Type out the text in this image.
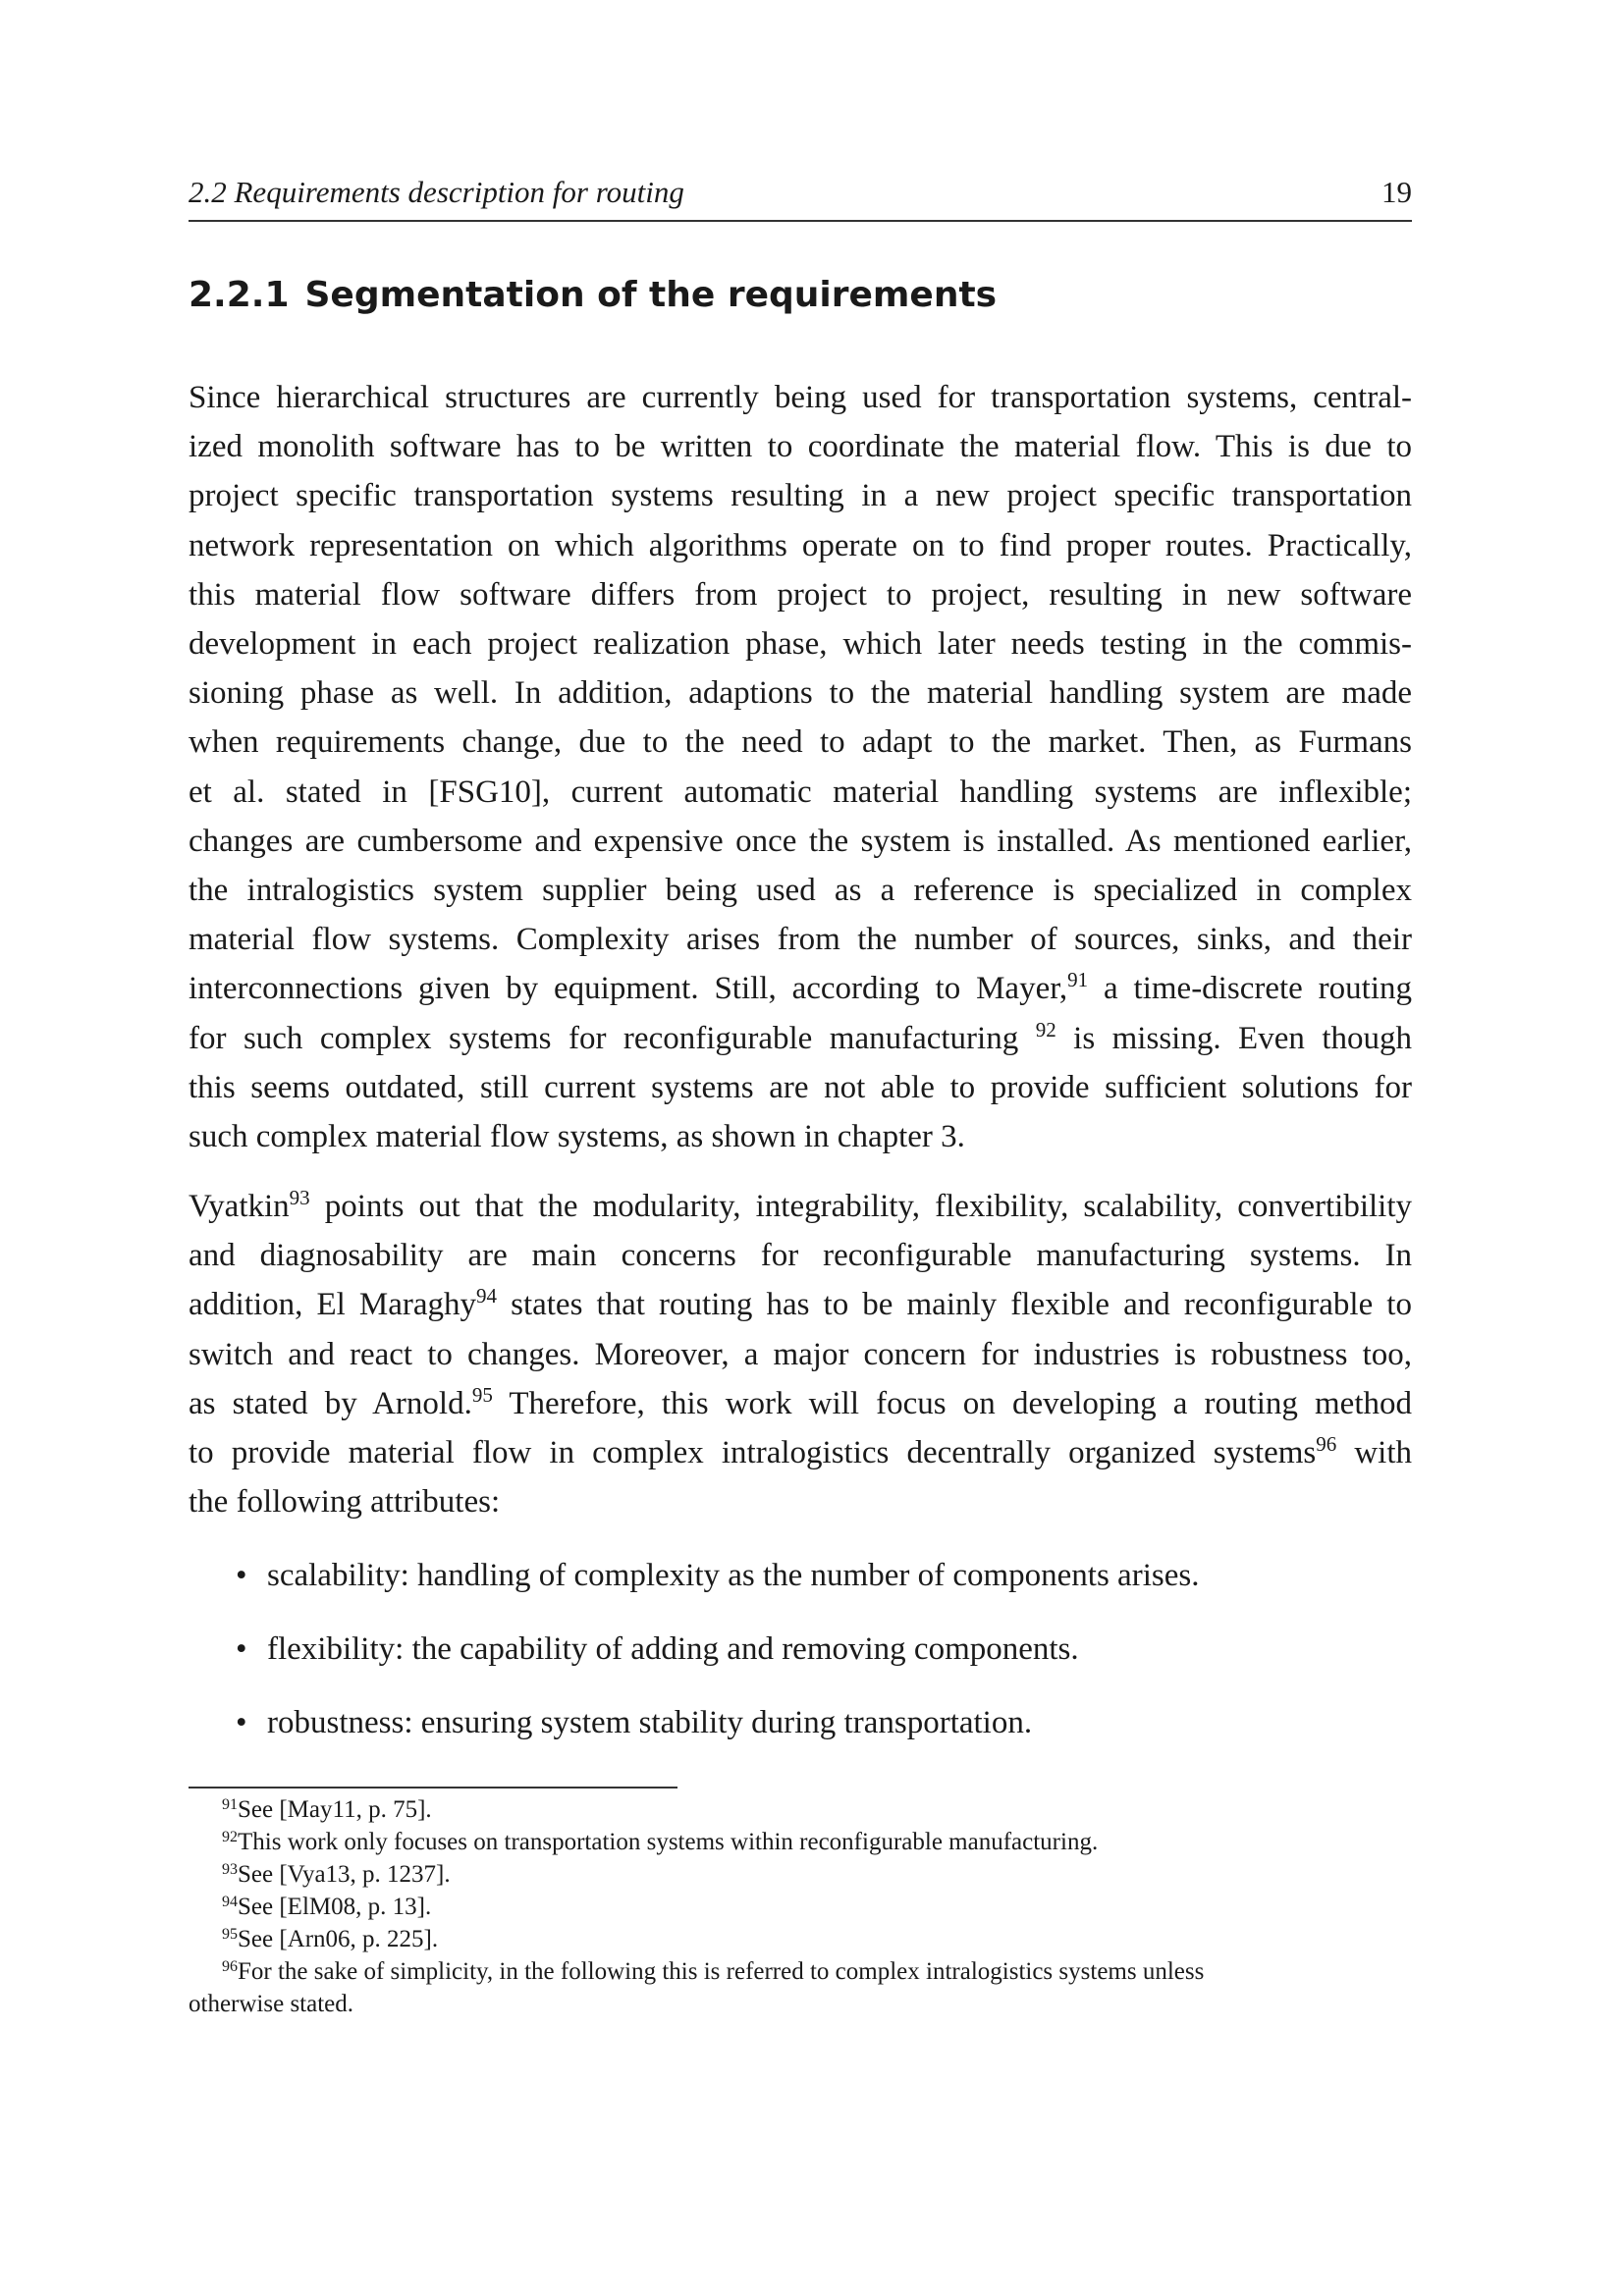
2.2 Requirements description for routing	19
2.2.1 Segmentation of the requirements
Since hierarchical structures are currently being used for transportation systems, central-
ized monolith software has to be written to coordinate the material flow. This is due to
project specific transportation systems resulting in a new project specific transportation
network representation on which algorithms operate on to find proper routes. Practically,
this material flow software differs from project to project, resulting in new software
development in each project realization phase, which later needs testing in the commis-
sioning phase as well. In addition, adaptions to the material handling system are made
when requirements change, due to the need to adapt to the market. Then, as Furmans
et al. stated in [FSG10], current automatic material handling systems are inflexible;
changes are cumbersome and expensive once the system is installed. As mentioned earlier,
the intralogistics system supplier being used as a reference is specialized in complex
material flow systems. Complexity arises from the number of sources, sinks, and their
interconnections given by equipment. Still, according to Mayer,$^{91}$ a time-discrete routing
for such complex systems for reconfigurable manufacturing $^{92}$ is missing. Even though
this seems outdated, still current systems are not able to provide sufficient solutions for
such complex material flow systems, as shown in chapter 3.
Vyatkin$^{93}$ points out that the modularity, integrability, flexibility, scalability, convertibility
and diagnosability are main concerns for reconfigurable manufacturing systems. In
addition, El Maraghy$^{94}$ states that routing has to be mainly flexible and reconfigurable to
switch and react to changes. Moreover, a major concern for industries is robustness too,
as stated by Arnold.$^{95}$ Therefore, this work will focus on developing a routing method
to provide material flow in complex intralogistics decentrally organized systems$^{96}$ with
the following attributes:
• scalability: handling of complexity as the number of components arises.
• flexibility: the capability of adding and removing components.
• robustness: ensuring system stability during transportation.
$^{91}$See [May11, p. 75].
$^{92}$This work only focuses on transportation systems within reconfigurable manufacturing.
$^{93}$See [Vya13, p. 1237].
$^{94}$See [ElM08, p. 13].
$^{95}$See [Arn06, p. 225].
$^{96}$For the sake of simplicity, in the following this is referred to complex intralogistics systems unless
otherwise stated.
